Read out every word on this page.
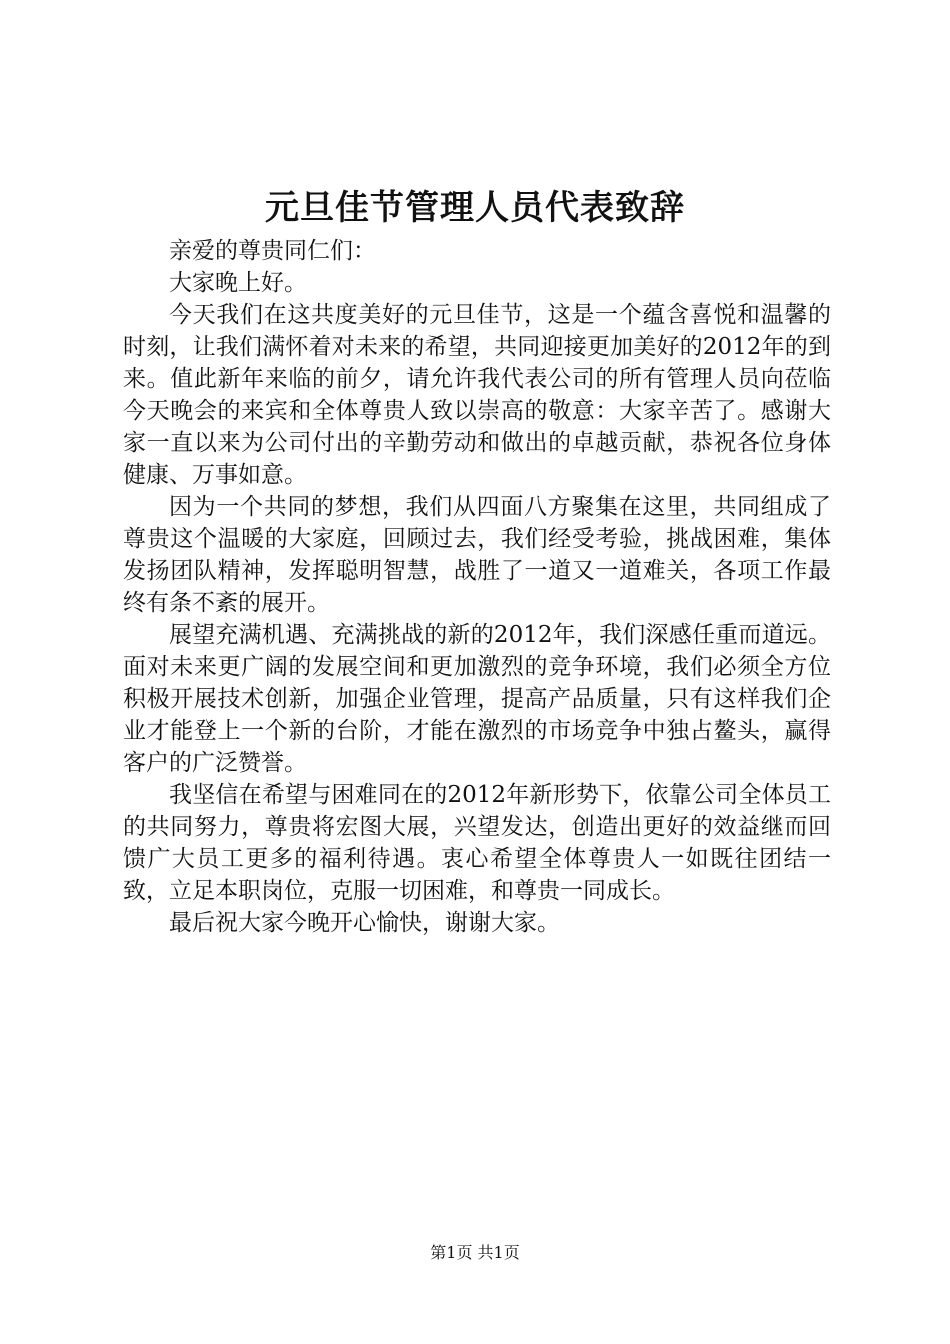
元旦佳节管理人员代表致辞

亲爱的尊贵同仁们：

大家晚上好。

今天我们在这共度美好的元旦佳节，这是一个蕴含喜悦和温馨的时刻，让我们满怀着对未来的希望，共同迎接更加美好的2012年的到来。值此新年来临的前夕，请允许我代表公司的所有管理人员向莅临今天晚会的来宾和全体尊贵人致以崇高的敬意：大家辛苦了。感谢大家一直以来为公司付出的辛勤劳动和做出的卓越贡献，恭祝各位身体健康、万事如意。

因为一个共同的梦想，我们从四面八方聚集在这里，共同组成了尊贵这个温暖的大家庭，回顾过去，我们经受考验，挑战困难，集体发扬团队精神，发挥聪明智慧，战胜了一道又一道难关，各项工作最终有条不紊的展开。

展望充满机遇、充满挑战的新的2012年，我们深感任重而道远。面对未来更广阔的发展空间和更加激烈的竞争环境，我们必须全方位积极开展技术创新，加强企业管理，提高产品质量，只有这样我们企业才能登上一个新的台阶，才能在激烈的市场竞争中独占鳌头，赢得客户的广泛赞誉。

我坚信在希望与困难同在的2012年新形势下，依靠公司全体员工的共同努力，尊贵将宏图大展，兴望发达，创造出更好的效益继而回馈广大员工更多的福利待遇。衷心希望全体尊贵人一如既往团结一致，立足本职岗位，克服一切困难，和尊贵一同成长。

最后祝大家今晚开心愉快，谢谢大家。

第1页 共1页
